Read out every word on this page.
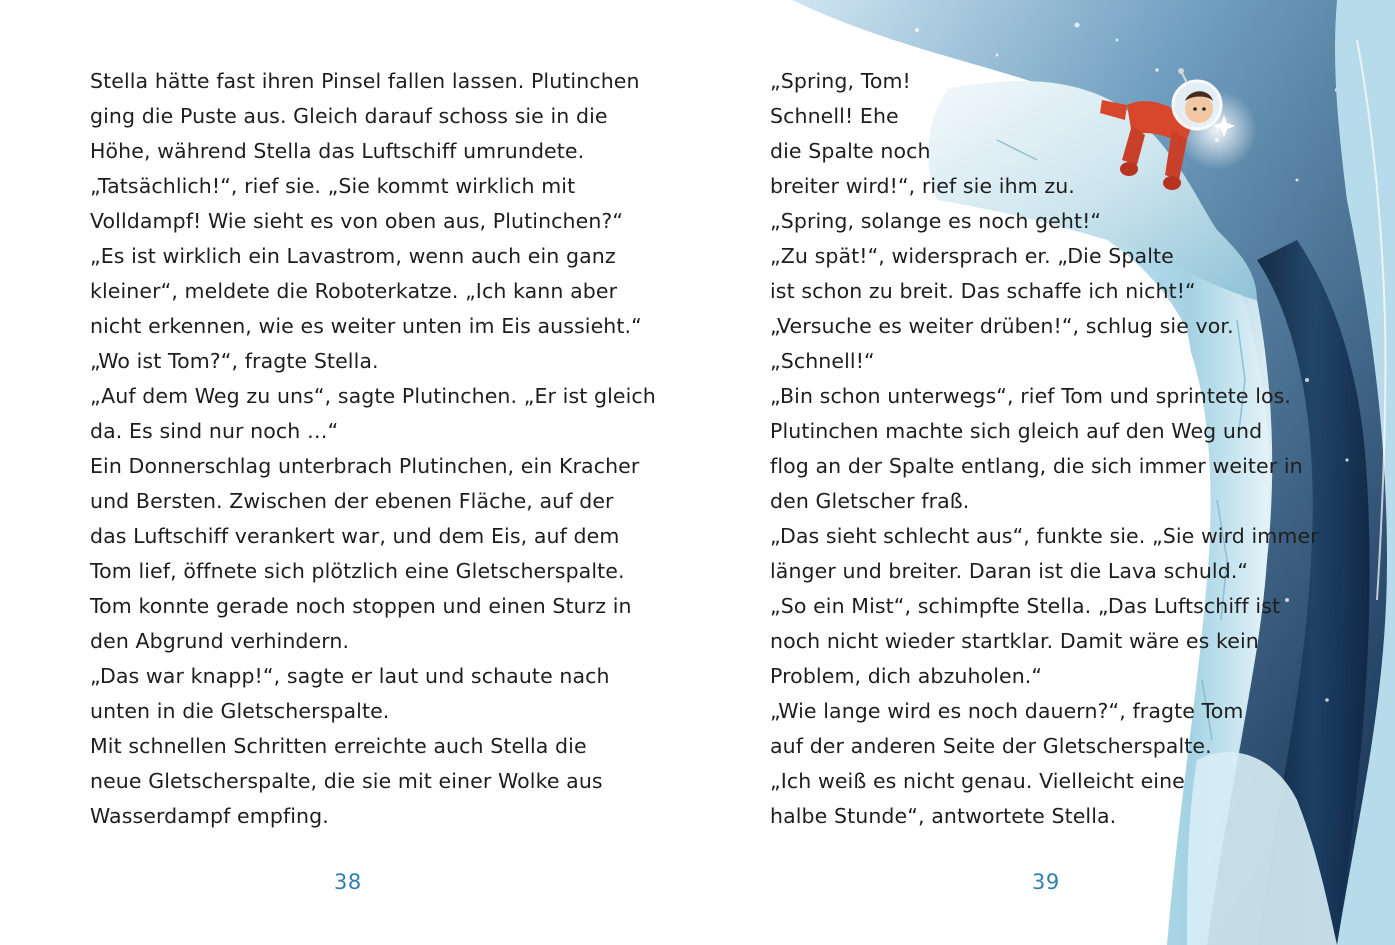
Stella hätte fast ihren Pinsel fallen lassen. Plutinchen
ging die Puste aus. Gleich darauf schoss sie in die
Höhe, während Stella das Luftschiff umrundete.
„Tatsächlich!“, rief sie. „Sie kommt wirklich mit
Volldampf! Wie sieht es von oben aus, Plutinchen?“
„Es ist wirklich ein Lavastrom, wenn auch ein ganz
kleiner“, meldete die Roboterkatze. „Ich kann aber
nicht erkennen, wie es weiter unten im Eis aussieht.“
„Wo ist Tom?“, fragte Stella.
„Auf dem Weg zu uns“, sagte Plutinchen. „Er ist gleich
da. Es sind nur noch …“
Ein Donnerschlag unterbrach Plutinchen, ein Kracher
und Bersten. Zwischen der ebenen Fläche, auf der
das Luftschiff verankert war, und dem Eis, auf dem
Tom lief, öffnete sich plötzlich eine Gletscherspalte.
Tom konnte gerade noch stoppen und einen Sturz in
den Abgrund verhindern.
„Das war knapp!“, sagte er laut und schaute nach
unten in die Gletscherspalte.
Mit schnellen Schritten erreichte auch Stella die
neue Gletscherspalte, die sie mit einer Wolke aus
Wasserdampf empfing.
38
„Spring, Tom!
Schnell! Ehe
die Spalte noch
breiter wird!“, rief sie ihm zu.
„Spring, solange es noch geht!“
„Zu spät!“, widersprach er. „Die Spalte
ist schon zu breit. Das schaffe ich nicht!“
„Versuche es weiter drüben!“, schlug sie vor.
„Schnell!“
„Bin schon unterwegs“, rief Tom und sprintete los.
Plutinchen machte sich gleich auf den Weg und
flog an der Spalte entlang, die sich immer weiter in
den Gletscher fraß.
„Das sieht schlecht aus“, funkte sie. „Sie wird immer
länger und breiter. Daran ist die Lava schuld.“
„So ein Mist“, schimpfte Stella. „Das Luftschiff ist
noch nicht wieder startklar. Damit wäre es kein
Problem, dich abzuholen.“
„Wie lange wird es noch dauern?“, fragte Tom
auf der anderen Seite der Gletscherspalte.
„Ich weiß es nicht genau. Vielleicht eine
halbe Stunde“, antwortete Stella.
39
